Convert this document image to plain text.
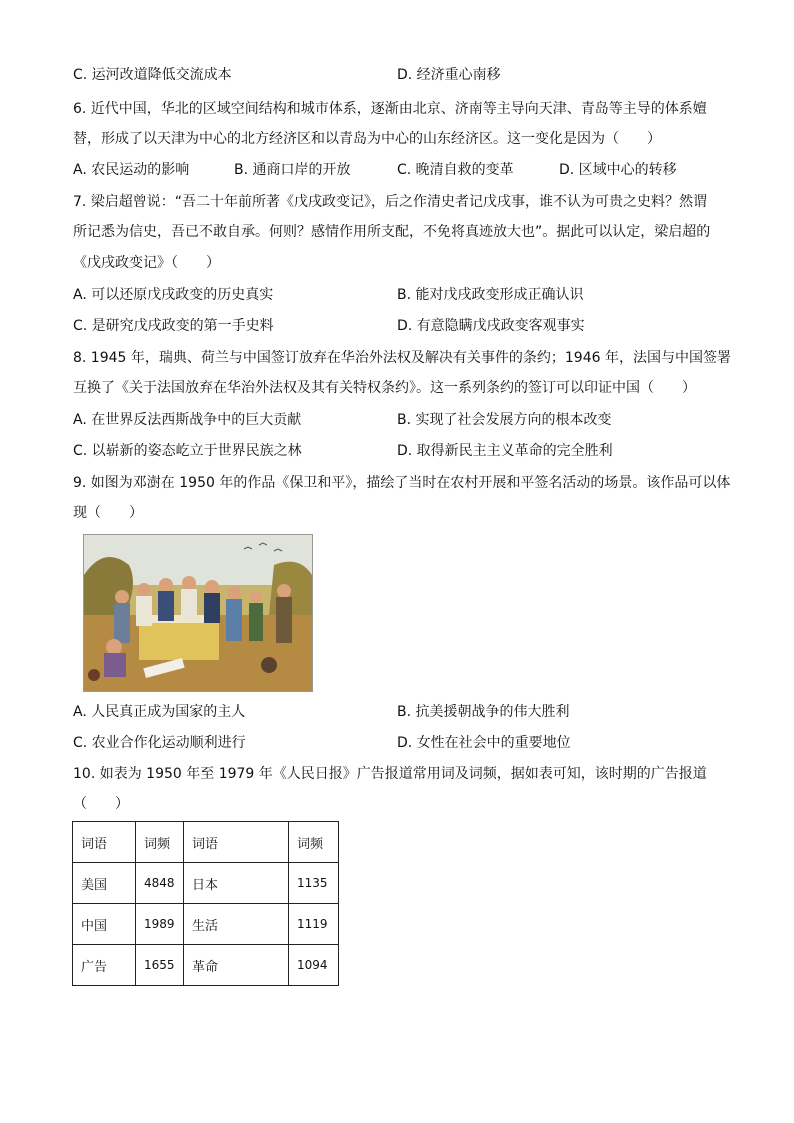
C. 运河改道降低交流成本	D. 经济重心南移
6. 近代中国，华北的区域空间结构和城市体系，逐渐由北京、济南等主导向天津、青岛等主导的体系嬗
替，形成了以天津为中心的北方经济区和以青岛为中心的山东经济区。这一变化是因为（　　）
A. 农民运动的影响	B. 通商口岸的开放	C. 晚清自救的变革	D. 区域中心的转移
7. 梁启超曾说：“吾二十年前所著《戊戌政变记》，后之作清史者记戊戌事，谁不认为可贵之史料？然谓
所记悉为信史，吾已不敢自承。何则？感情作用所支配，不免将真迹放大也”。据此可以认定，梁启超的
《戊戌政变记》（　　）
A. 可以还原戊戌政变的历史真实	B. 能对戊戌政变形成正确认识
C. 是研究戊戌政变的第一手史料	D. 有意隐瞒戊戌政变客观事实
8. 1945 年，瑞典、荷兰与中国签订放弃在华治外法权及解决有关事件的条约；1946 年，法国与中国签署
互换了《关于法国放弃在华治外法权及其有关特权条约》。这一系列条约的签订可以印证中国（　　）
A. 在世界反法西斯战争中的巨大贡献	B. 实现了社会发展方向的根本改变
C. 以崭新的姿态屹立于世界民族之林	D. 取得新民主主义革命的完全胜利
9. 如图为邓澍在 1950 年的作品《保卫和平》，描绘了当时在农村开展和平签名活动的场景。该作品可以体
现（　　）
A. 人民真正成为国家的主人	B. 抗美援朝战争的伟大胜利
C. 农业合作化运动顺利进行	D. 女性在社会中的重要地位
10. 如表为 1950 年至 1979 年《人民日报》广告报道常用词及词频，据如表可知，该时期的广告报道
（　　）
词语	词频	词语	词频
美国	4848	日本	1135
中国	1989	生活	1119
广告	1655	革命	1094
